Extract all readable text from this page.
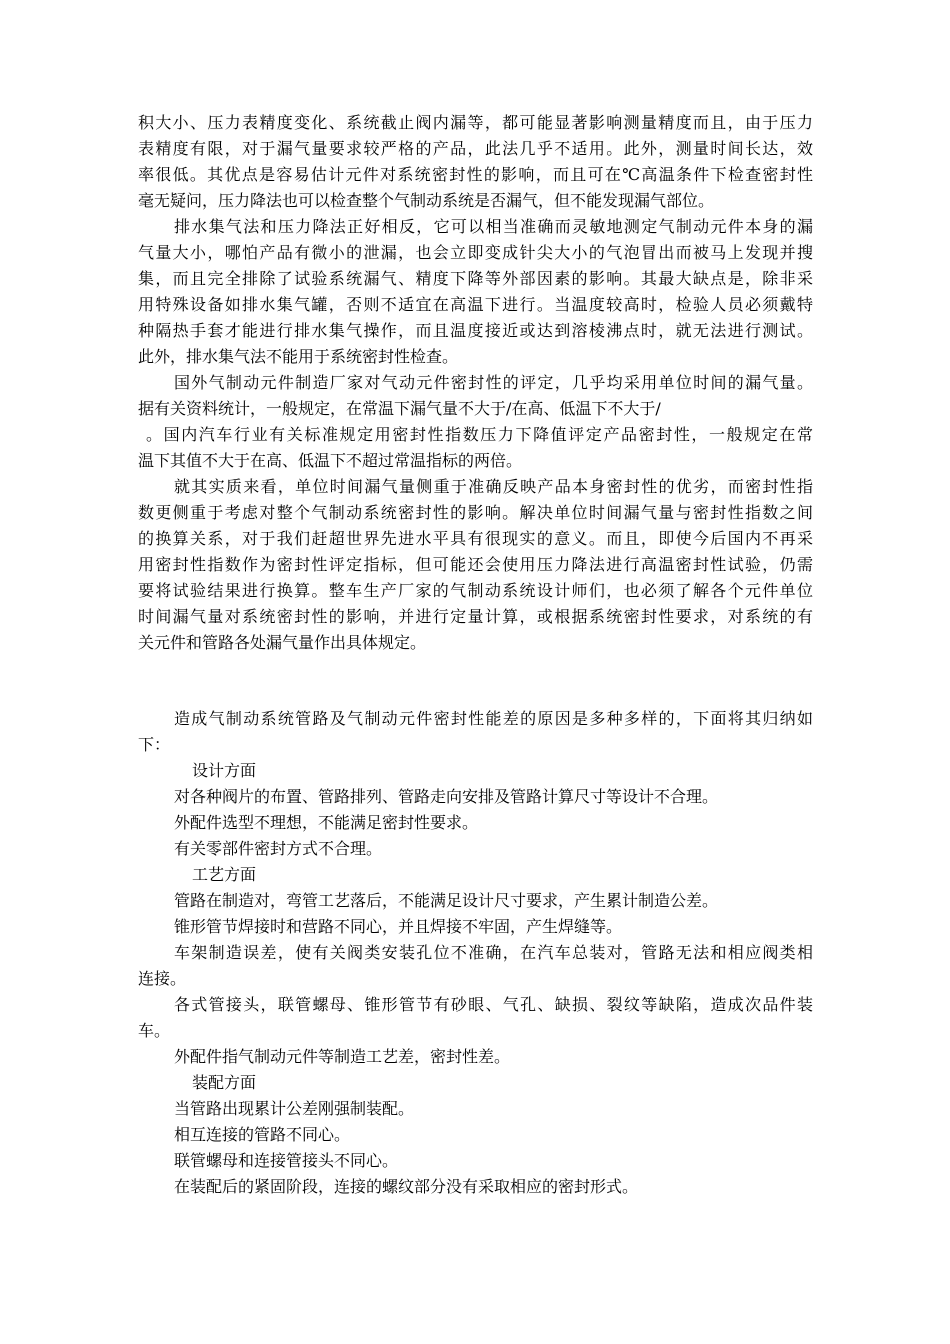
积大小、压力表精度变化、系统截止阀内漏等，都可能显著影响测量精度而且，由于压力
表精度有限，对于漏气量要求较严格的产品，此法几乎不适用。此外，测量时间长达，效
率很低。其优点是容易估计元件对系统密封性的影响，而且可在℃高温条件下检查密封性
毫无疑问，压力降法也可以检查整个气制动系统是否漏气，但不能发现漏气部位。
排水集气法和压力降法正好相反，它可以相当准确而灵敏地测定气制动元件本身的漏
气量大小，哪怕产品有微小的泄漏，也会立即变成针尖大小的气泡冒出而被马上发现并搜
集，而且完全排除了试验系统漏气、精度下降等外部因素的影响。其最大缺点是，除非采
用特殊设备如排水集气罐，否则不适宜在高温下进行。当温度较高时，检验人员必须戴特
种隔热手套才能进行排水集气操作，而且温度接近或达到溶棱沸点时，就无法进行测试。
此外，排水集气法不能用于系统密封性检查。
国外气制动元件制造厂家对气动元件密封性的评定，几乎均采用单位时间的漏气量。
据有关资料统计，一般规定，在常温下漏气量不大于/在高、低温下不大于/
。国内汽车行业有关标准规定用密封性指数压力下降值评定产品密封性，一般规定在常
温下其值不大于在高、低温下不超过常温指标的两倍。
就其实质来看，单位时间漏气量侧重于准确反映产品本身密封性的优劣，而密封性指
数更侧重于考虑对整个气制动系统密封性的影响。解决单位时间漏气量与密封性指数之间
的换算关系，对于我们赶超世界先进水平具有很现实的意义。而且，即使今后国内不再采
用密封性指数作为密封性评定指标，但可能还会使用压力降法进行高温密封性试验，仍需
要将试验结果进行换算。整车生产厂家的气制动系统设计师们，也必须了解各个元件单位
时间漏气量对系统密封性的影响，并进行定量计算，或根据系统密封性要求，对系统的有
关元件和管路各处漏气量作出具体规定。
造成气制动系统管路及气制动元件密封性能差的原因是多种多样的，下面将其归纳如
下：
设计方面
对各种阀片的布置、管路排列、管路走向安排及管路计算尺寸等设计不合理。
外配件选型不理想，不能满足密封性要求。
有关零部件密封方式不合理。
工艺方面
管路在制造对，弯管工艺落后，不能满足设计尺寸要求，产生累计制造公差。
锥形管节焊接时和营路不同心，并且焊接不牢固，产生焊缝等。
车架制造误差，使有关阀类安装孔位不准确，在汽车总装对，管路无法和相应阀类相
连接。
各式管接头，联管螺母、锥形管节有砂眼、气孔、缺损、裂纹等缺陷，造成次品件装
车。
外配件指气制动元件等制造工艺差，密封性差。
装配方面
当管路出现累计公差刚强制装配。
相互连接的管路不同心。
联管螺母和连接管接头不同心。
在装配后的紧固阶段，连接的螺纹部分没有采取相应的密封形式。
